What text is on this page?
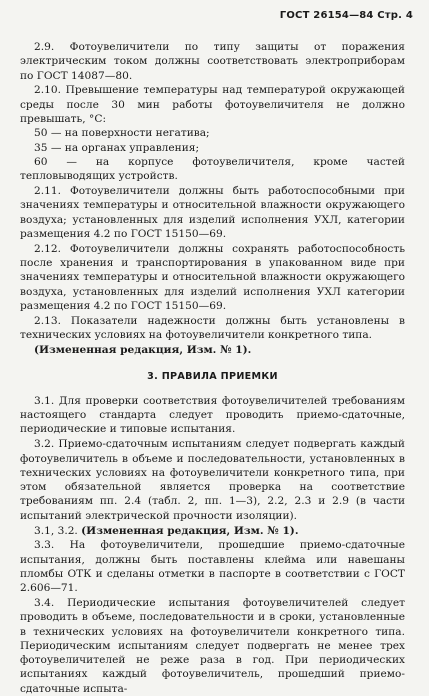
ГОСТ 26154—84 Стр. 4

2.9. Фотоувеличители по типу защиты от поражения электрическим током должны соответствовать электроприборам по ГОСТ 14087—80.

2.10. Превышение температуры над температурой окружающей среды после 30 мин работы фотоувеличителя не должно превышать, °С:

50 — на поверхности негатива;

35 — на органах управления;

60 — на корпусе фотоувеличителя, кроме частей тепловыводящих устройств.

2.11. Фотоувеличители должны быть работоспособными при значениях температуры и относительной влажности окружающего воздуха; установленных для изделий исполнения УХЛ, категории размещения 4.2 по ГОСТ 15150—69.

2.12. Фотоувеличители должны сохранять работоспособность после хранения и транспортирования в упакованном виде при значениях температуры и относительной влажности окружающего воздуха, установленных для изделий исполнения УХЛ категории размещения 4.2 по ГОСТ 15150—69.

2.13. Показатели надежности должны быть установлены в технических условиях на фотоувеличители конкретного типа.

(Измененная редакция, Изм. № 1).

3. ПРАВИЛА ПРИЕМКИ

3.1. Для проверки соответствия фотоувеличителей требованиям настоящего стандарта следует проводить приемо-сдаточные, периодические и типовые испытания.

3.2. Приемо-сдаточным испытаниям следует подвергать каждый фотоувеличитель в объеме и последовательности, установленных в технических условиях на фотоувеличители конкретного типа, при этом обязательной является проверка на соответствие требованиям пп. 2.4 (табл. 2, пп. 1—3), 2.2, 2.3 и 2.9 (в части испытаний электрической прочности изоляции).

3.1, 3.2. (Измененная редакция, Изм. № 1).

3.3. На фотоувеличители, прошедшие приемо-сдаточные испытания, должны быть поставлены клейма или навешаны пломбы ОТК и сделаны отметки в паспорте в соответствии с ГОСТ 2.606—71.

3.4. Периодические испытания фотоувеличителей следует проводить в объеме, последовательности и в сроки, установленные в технических условиях на фотоувеличители конкретного типа. Периодическим испытаниям следует подвергать не менее трех фотоувеличителей не реже раза в год. При периодических испытаниях каждый фотоувеличитель, прошедший приемо-сдаточные испыта-
